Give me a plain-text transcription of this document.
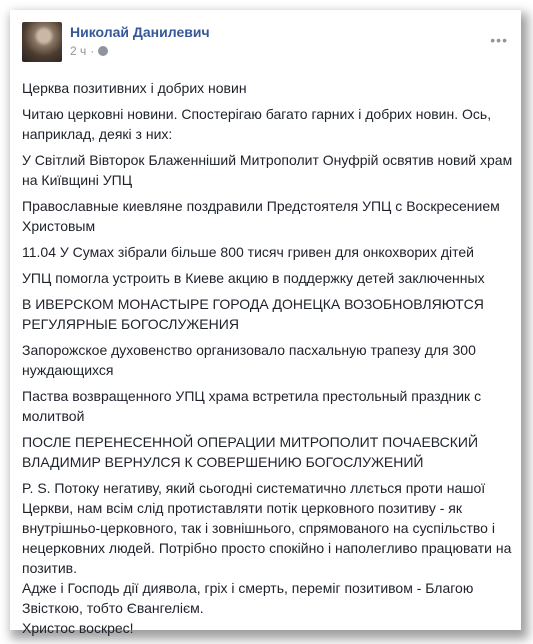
Николай Данилевич
2 ч ·
•••

Церква позитивних і добрих новин

Читаю церковні новини. Спостерігаю багато гарних і добрих новин. Ось, наприклад, деякі з них:

У Світлий Вівторок Блаженніший Митрополит Онуфрій освятив новий храм на Київщині УПЦ

Православные киевляне поздравили Предстоятеля УПЦ с Воскресением Христовым

11.04 У Сумах зібрали більше 800 тисяч гривен для онкохворих дітей

УПЦ помогла устроить в Киеве акцию в поддержку детей заключенных

В ИВЕРСКОМ МОНАСТЫРЕ ГОРОДА ДОНЕЦКА ВОЗОБНОВЛЯЮТСЯ РЕГУЛЯРНЫЕ БОГОСЛУЖЕНИЯ

Запорожское духовенство организовало пасхальную трапезу для 300 нуждающихся

Паства возвращенного УПЦ храма встретила престольный праздник с молитвой

ПОСЛЕ ПЕРЕНЕСЕННОЙ ОПЕРАЦИИ МИТРОПОЛИТ ПОЧАЕВСКИЙ ВЛАДИМИР ВЕРНУЛСЯ К СОВЕРШЕНИЮ БОГОСЛУЖЕНИЙ

P. S. Потоку негативу, який сьогодні систематично ллється проти нашої Церкви, нам всім слід протиставляти потік церковного позитиву - як внутрішньо-церковного, так і зовнішнього, спрямованого на суспільство і нецерковних людей. Потрібно просто спокійно і наполегливо працювати на позитив.

Адже і Господь дії диявола, гріх і смерть, переміг позитивом - Благою Звісткою, тобто Євангелієм.

Христос воскрес!
